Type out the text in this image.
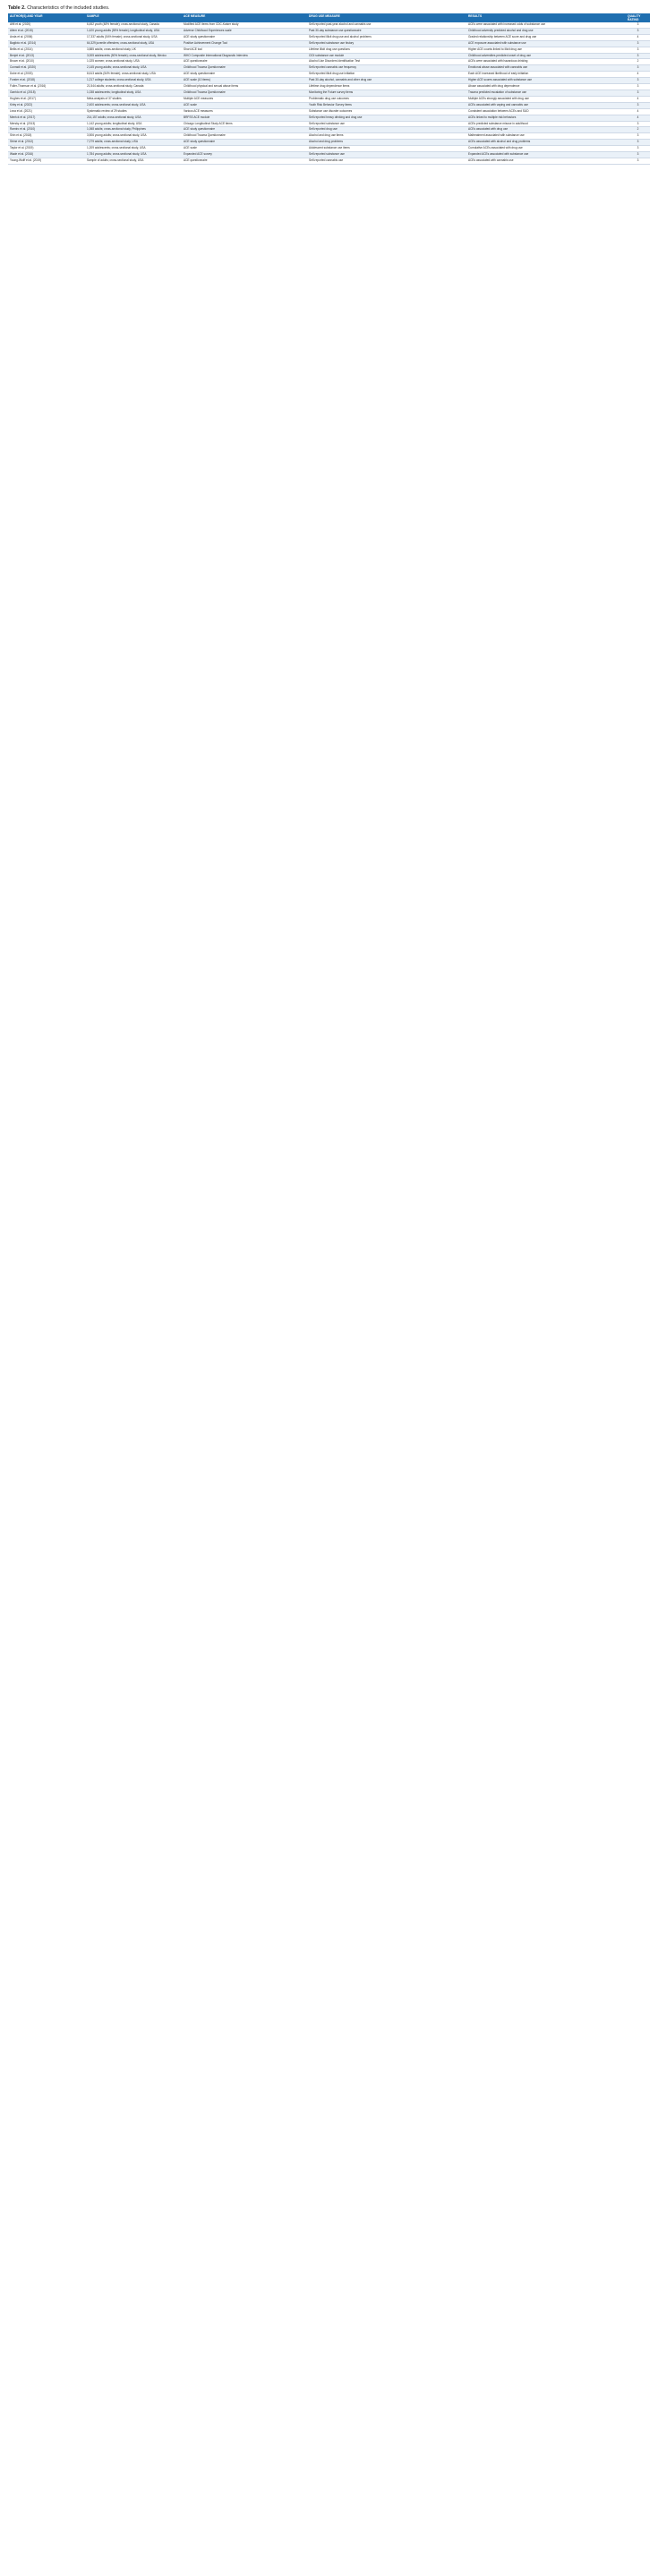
Table 2. Characteristics of the included studies.
AUTHOR(S) AND YEAR	SAMPLE	ACE MEASURE	DRUG USE MEASURE	RESULTS	QUALITY RATING
Afifi et al. (2020)	6,452 youth (48% female); cross-sectional study, Canada	Modified ACE items from CDC-Kaiser study	Self-reported past-year alcohol and cannabis use	ACEs were associated with increased odds of substance use	3
Allem et al. (2015)	1,420 young adults (55% female); longitudinal study, USA	Adverse Childhood Experiences scale	Past 30-day substance use questionnaire	Childhood adversity predicted alcohol and drug use	3
Anda et al. (2006)	17,337 adults (54% female); cross-sectional study, USA	ACE study questionnaire	Self-reported illicit drug use and alcohol problems	Graded relationship between ACE score and drug use	4
Baglivio et al. (2014)	64,329 juvenile offenders; cross-sectional study, USA	Positive Achievement Change Tool	Self-reported substance use history	ACE exposure associated with substance use	3
Bellis et al. (2014)	3,885 adults; cross-sectional study, UK	Short ACE tool	Lifetime illicit drug use questions	Higher ACE counts linked to illicit drug use	3
Benjet et al. (2013)	3,005 adolescents (50% female); cross-sectional study, Mexico	WHO Composite International Diagnostic Interview	CIDI substance use module	Childhood adversities predicted onset of drug use	3
Brown et al. (2010)	1,025 women; cross-sectional study, USA	ACE questionnaire	Alcohol Use Disorders Identification Test	ACEs were associated with hazardous drinking	2
Cunradi et al. (2020)	2,145 young adults; cross-sectional study, USA	Childhood Trauma Questionnaire	Self-reported cannabis use frequency	Emotional abuse associated with cannabis use	3
Dube et al. (2003)	8,613 adults (54% female); cross-sectional study, USA	ACE study questionnaire	Self-reported illicit drug use initiation	Each ACE increased likelihood of early initiation	4
Forster et al. (2018)	1,217 college students; cross-sectional study, USA	ACE scale (10 items)	Past 30-day alcohol, cannabis and other drug use	Higher ACE scores associated with substance use	3
Fuller-Thomson et al. (2016)	21,544 adults; cross-sectional study, Canada	Childhood physical and sexual abuse items	Lifetime drug dependence items	Abuse associated with drug dependence	3
Garrido et al. (2018)	1,038 adolescents; longitudinal study, USA	Childhood Trauma Questionnaire	Monitoring the Future survey items	Trauma predicted escalation of substance use	3
Hughes et al. (2017)	Meta-analysis of 37 studies	Multiple ACE measures	Problematic drug use outcomes	Multiple ACEs strongly associated with drug use	4
Kirby et al. (2022)	2,400 adolescents; cross-sectional study, USA	ACE scale	Youth Risk Behavior Survey items	ACEs associated with vaping and cannabis use	3
Leza et al. (2021)	Systematic review of 29 studies	Various ACE measures	Substance use disorder outcomes	Consistent association between ACEs and SUD	4
Merrick et al. (2017)	214,157 adults; cross-sectional study, USA	BRFSS ACE module	Self-reported heavy drinking and drug use	ACEs linked to multiple risk behaviors	4
Mersky et al. (2013)	1,142 young adults; longitudinal study, USA	Chicago Longitudinal Study ACE items	Self-reported substance use	ACEs predicted substance misuse in adulthood	3
Ramiro et al. (2010)	1,068 adults; cross-sectional study, Philippines	ACE study questionnaire	Self-reported drug use	ACEs associated with drug use	2
Shin et al. (2018)	3,506 young adults; cross-sectional study, USA	Childhood Trauma Questionnaire	Alcohol and drug use items	Maltreatment associated with substance use	3
Strine et al. (2012)	7,279 adults; cross-sectional study, USA	ACE study questionnaire	Alcohol and drug problems	ACEs associated with alcohol and drug problems	3
Taylor et al. (2019)	1,209 adolescents; cross-sectional study, USA	ACE scale	Adolescent substance use items	Cumulative ACEs associated with drug use	3
Wade et al. (2016)	1,784 young adults; cross-sectional study, USA	Expanded ACE survey	Self-reported substance use	Expanded ACEs associated with substance use	3
Young-Wolff et al. (2019)	Sample of adults; cross-sectional study, USA	ACE questionnaire	Self-reported cannabis use	ACEs associated with cannabis use	3
